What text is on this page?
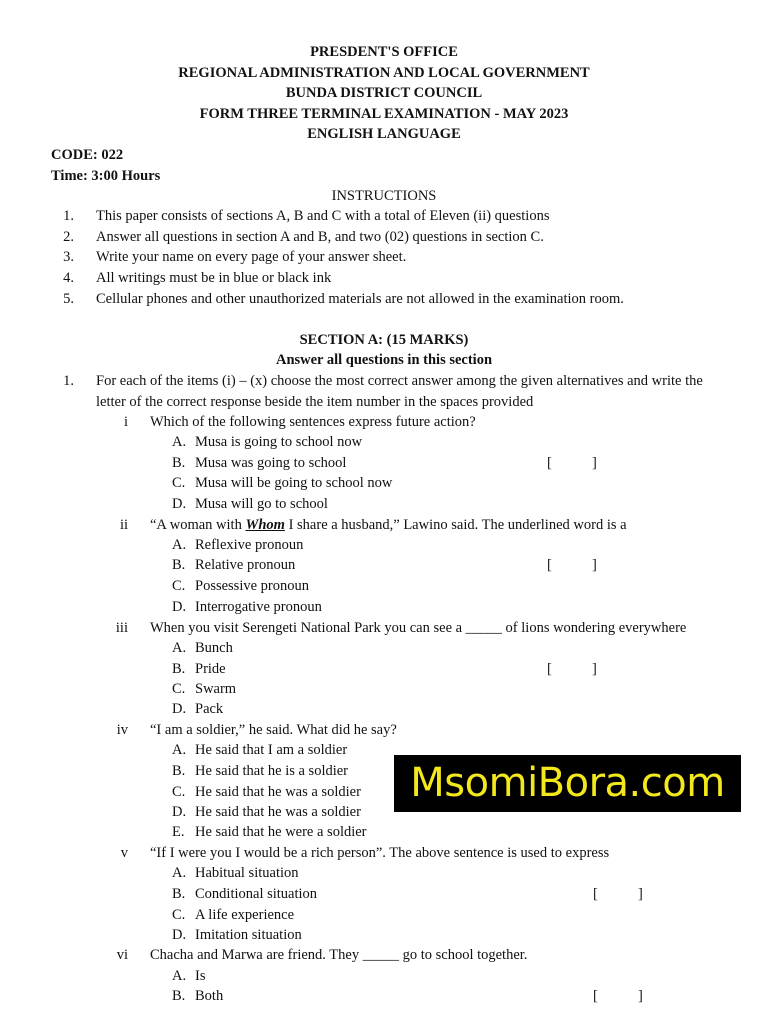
PRESDENT'S OFFICE
REGIONAL ADMINISTRATION AND LOCAL GOVERNMENT
BUNDA DISTRICT COUNCIL
FORM THREE TERMINAL EXAMINATION - MAY 2023
ENGLISH LANGUAGE
CODE: 022
Time: 3:00 Hours
INSTRUCTIONS
1. This paper consists of sections A, B and C with a total of Eleven (ii) questions
2. Answer all questions in section A and B, and two (02) questions in section C.
3. Write your name on every page of your answer sheet.
4. All writings must be in blue or black ink
5. Cellular phones and other unauthorized materials are not allowed in the examination room.
SECTION A: (15 MARKS)
Answer all questions in this section
1. For each of the items (i) – (x) choose the most correct answer among the given alternatives and write the
letter of the correct response beside the item number in the spaces provided
i Which of the following sentences express future action?
A. Musa is going to school now
B. Musa was going to school
C. Musa will be going to school now
D. Musa will go to school
[	]
ii “A woman with Whom I share a husband,” Lawino said. The underlined word is a
A. Reflexive pronoun
B. Relative pronoun
C. Possessive pronoun
D. Interrogative pronoun
[	]
iii When you visit Serengeti National Park you can see a _____ of lions wondering everywhere
A. Bunch
B. Pride
C. Swarm
D. Pack
[	]
iv “I am a soldier,” he said. What did he say?
A. He said that I am a soldier
B. He said that he is a soldier
C. He said that he was a soldier
D. He said that he was a soldier
E. He said that he were a soldier
MsomiBora.com
v “If I were you I would be a rich person”. The above sentence is used to express
A. Habitual situation
B. Conditional situation
C. A life experience
D. Imitation situation
[	]
vi Chacha and Marwa are friend. They _____ go to school together.
A. Is
B. Both	[	]
